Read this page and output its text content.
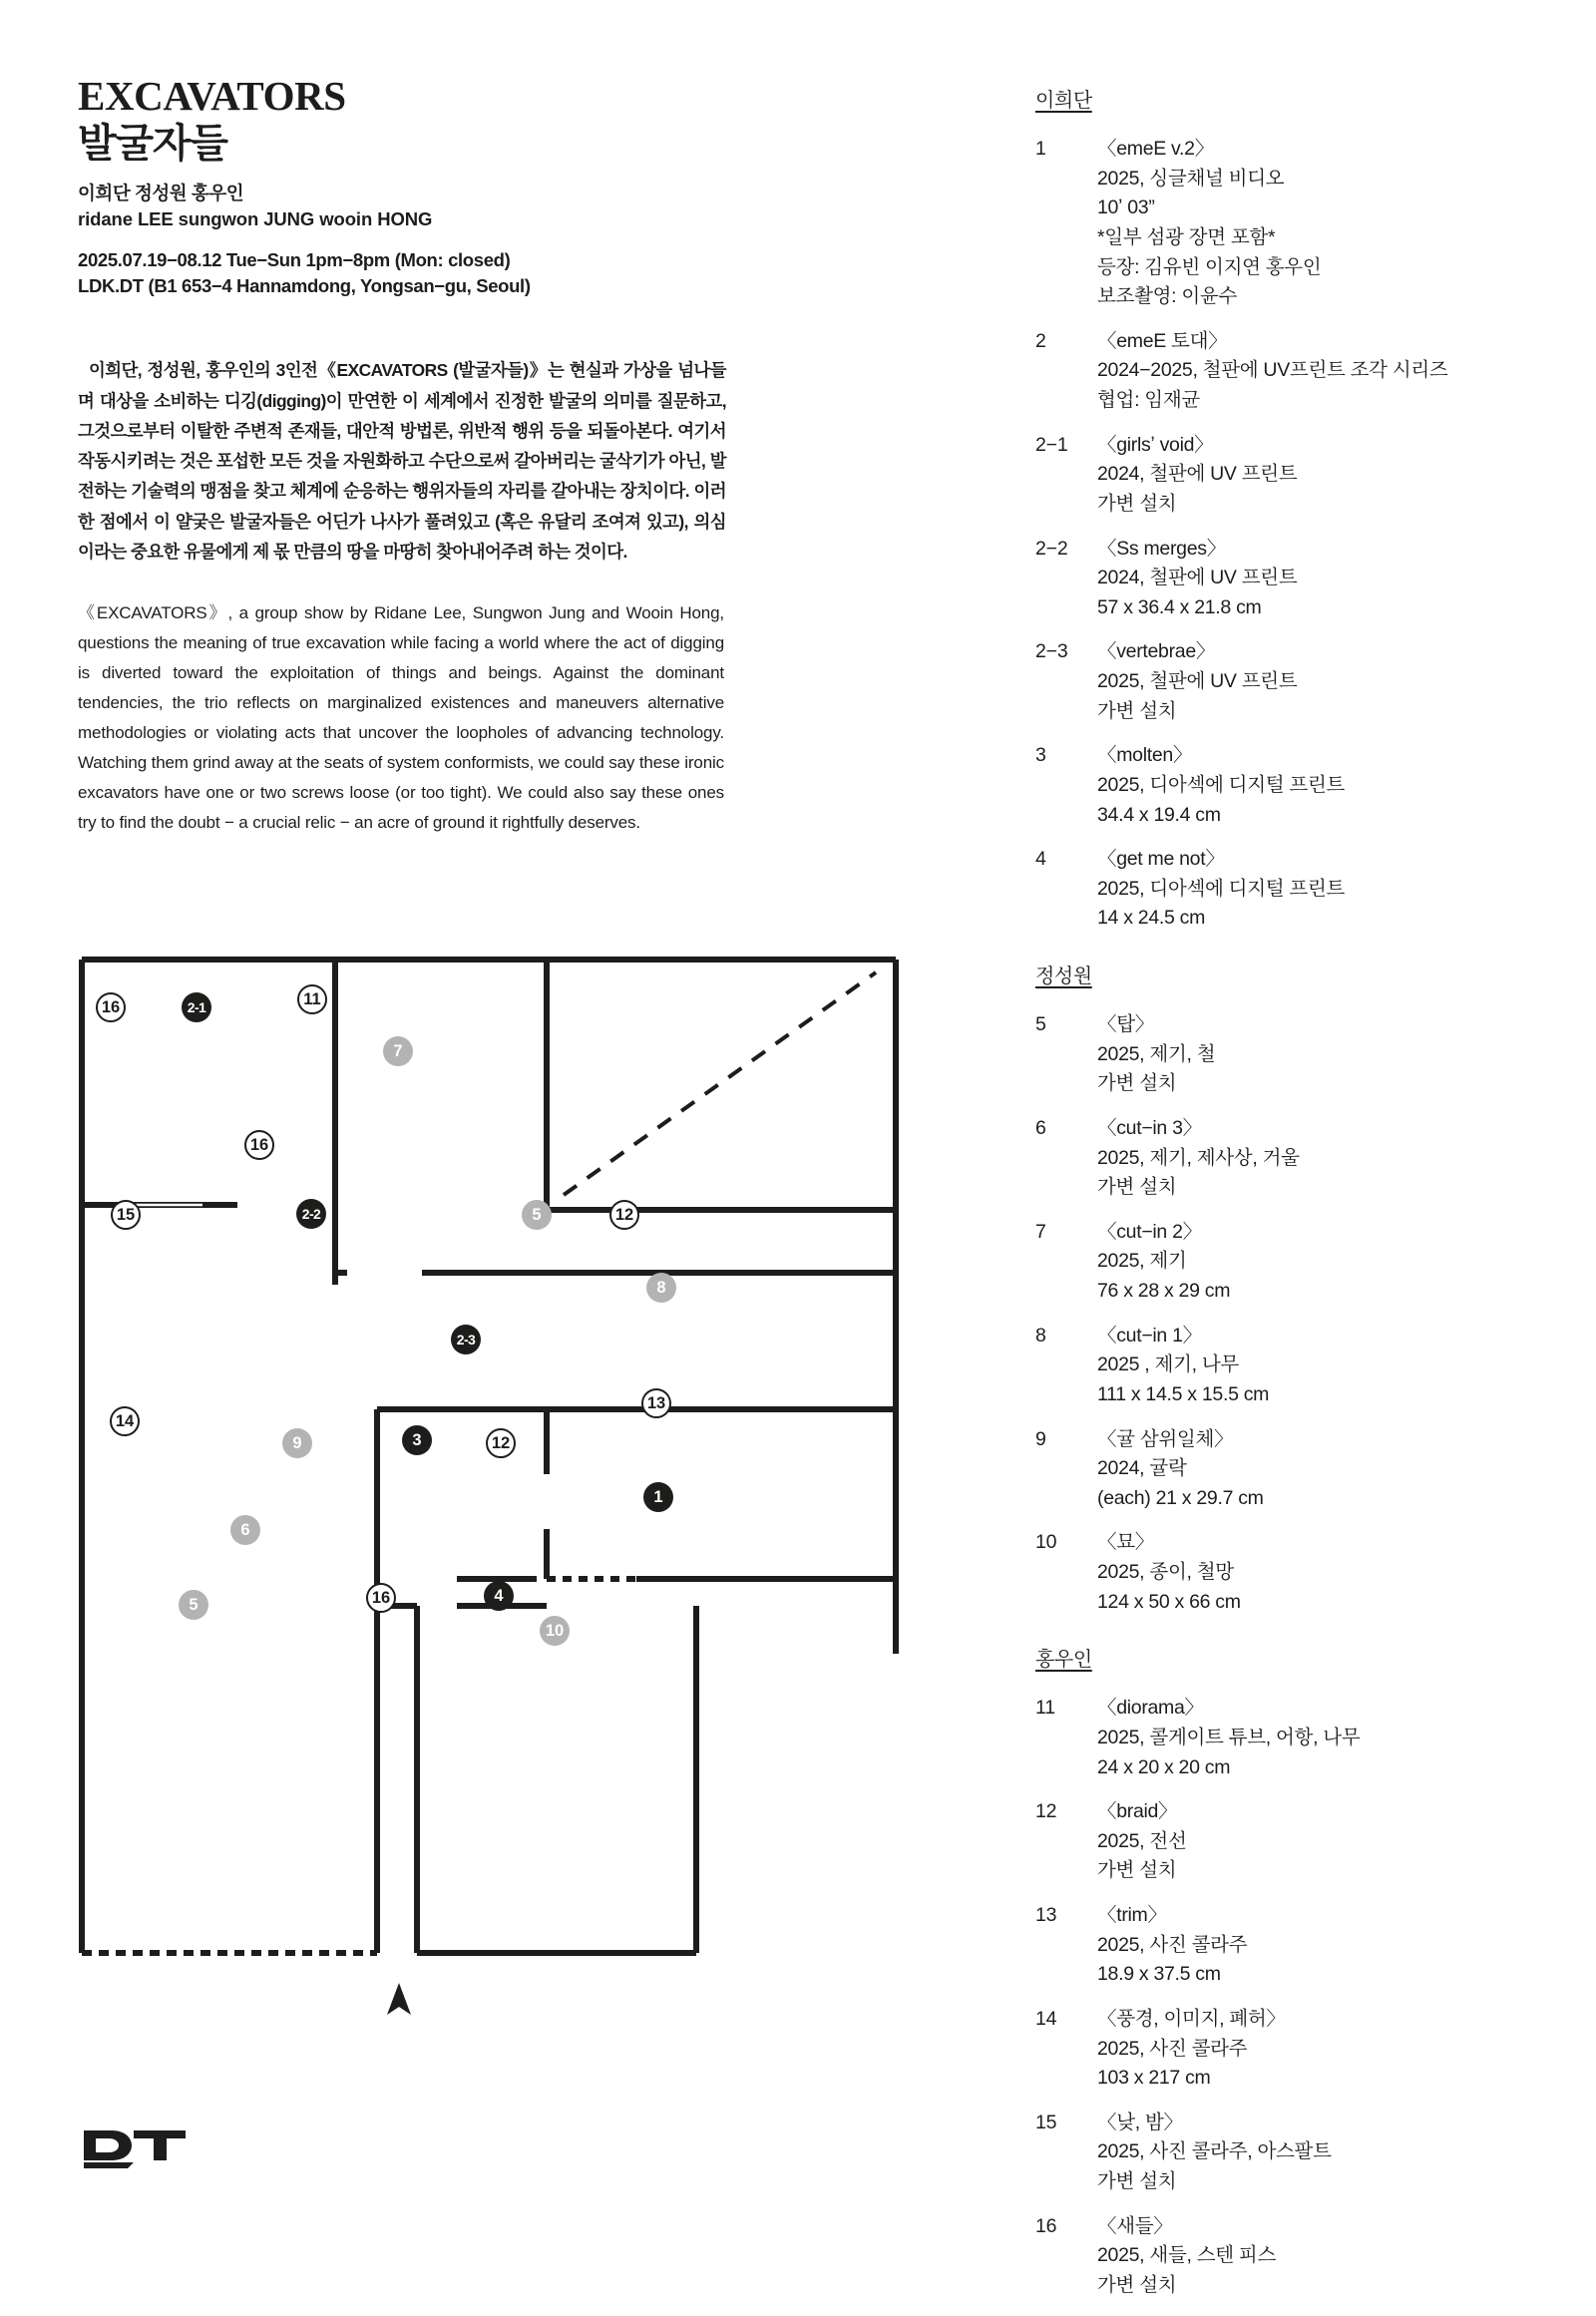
EXCAVATORS
발굴자들
이희단 정성원 홍우인
ridane LEE sungwon JUNG wooin HONG
2025.07.19−08.12 Tue−Sun 1pm−8pm (Mon: closed)
LDK.DT (B1 653−4 Hannamdong, Yongsan−gu, Seoul)

이희단, 정성원, 홍우인의 3인전《EXCAVATORS (발굴자들)》는 현실과 가상을 넘나들며 대상을 소비하는 디깅(digging)이 만연한 이 세계에서 진정한 발굴의 의미를 질문하고, 그것으로부터 이탈한 주변적 존재들, 대안적 방법론, 위반적 행위 등을 되돌아본다. 여기서 작동시키려는 것은 포섭한 모든 것을 자원화하고 수단으로써 갈아버리는 굴삭기가 아닌, 발전하는 기술력의 맹점을 찾고 체계에 순응하는 행위자들의 자리를 갈아내는 장치이다. 이러한 점에서 이 얄궂은 발굴자들은 어딘가 나사가 풀려있고 (혹은 유달리 조여져 있고), 의심이라는 중요한 유물에게 제 몫 만큼의 땅을 마땅히 찾아내어주려 하는 것이다.

《EXCAVATORS》, a group show by Ridane Lee, Sungwon Jung and Wooin Hong, questions the meaning of true excavation while facing a world where the act of digging is diverted toward the exploitation of things and beings. Against the dominant tendencies, the trio reflects on marginalized existences and maneuvers alternative methodologies or violating acts that uncover the loopholes of advancing technology. Watching them grind away at the seats of system conformists, we could say these ironic excavators have one or two screws loose (or too tight). We could also say these ones try to find the doubt − a crucial relic − an acre of ground it rightfully deserves.

16	2-1	11
7
16
15	2-2	5	12
8
2-3
13
14
9	3	12
1
6
16	4
5
10
이희단
1	〈emeE v.2〉
2025, 싱글채널 비디오
10ʼ 03”
*일부 섬광 장면 포함*
등장: 김유빈 이지연 홍우인
보조촬영: 이윤수
2	〈emeE 토대〉
2024−2025, 철판에 UV프린트 조각 시리즈
협업: 임재균
2−1	〈girlsʼ void〉
2024, 철판에 UV 프린트
가변 설치
2−2	〈Ss merges〉
2024, 철판에 UV 프린트
57 x 36.4 x 21.8 cm
2−3	〈vertebrae〉
2025, 철판에 UV 프린트
가변 설치
3	〈molten〉
2025, 디아섹에 디지털 프린트
34.4 x 19.4 cm
4	〈get me not〉
2025, 디아섹에 디지털 프린트
14 x 24.5 cm
정성원
5	〈탑〉
2025, 제기, 철
가변 설치
6	〈cut−in 3〉
2025, 제기, 제사상, 거울
가변 설치
7	〈cut−in 2〉
2025, 제기
76 x 28 x 29 cm
8	〈cut−in 1〉
2025 , 제기, 나무
111 x 14.5 x 15.5 cm
9	〈귤 삼위일체〉
2024, 귤락
(each) 21 x 29.7 cm
10	〈묘〉
2025, 종이, 철망
124 x 50 x 66 cm
홍우인
11	〈diorama〉
2025, 콜게이트 튜브, 어항, 나무
24 x 20 x 20 cm
12	〈braid〉
2025, 전선
가변 설치
13	〈trim〉
2025, 사진 콜라주
18.9 x 37.5 cm
14	〈풍경, 이미지, 폐허〉
2025, 사진 콜라주
103 x 217 cm
15	〈낮, 밤〉
2025, 사진 콜라주, 아스팔트
가변 설치
16	〈새들〉
2025, 새들, 스텐 피스
가변 설치
